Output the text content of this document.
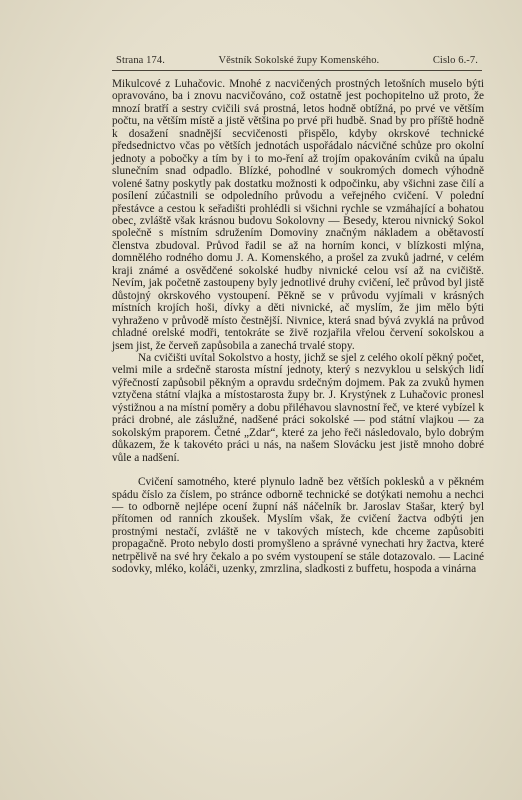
Strana 174.	Věstník Sokolské župy Komenského.	Cislo 6.-7.

Mikulcové z Luhačovic. Mnohé z nacvičených prostných letošních muselo býti opravováno, ba i znovu nacvičováno, což ostatně jest pochopitelno už proto, že mnozí bratří a sestry cvičili svá prostná, letos hodně obtížná, po prvé ve větším počtu, na větším místě a jistě většina po prvé při hudbě. Snad by pro příště hodně k dosažení snadnější secvičenosti přispělo, kdyby okrskové technické předsednictvo včas po větších jednotách uspořádalo nácvičné schůze pro okolní jednoty a pobočky a tím by i to mo-ření až trojím opakováním cviků na úpalu slunečním snad odpadlo. Blízké, pohodlné v soukromých domech výhodně volené šatny poskytly pak dostatku možnosti k odpočinku, aby všichni zase čilí a posílení zúčastnili se odpoledního průvodu a veřejného cvičení. V polední přestávce a cestou k seřadišti prohlédli si všichni rychle se vzmáhající a bohatou obec, zvláště však krásnou budovu Sokolovny — Besedy, kterou nivnický Sokol společně s místním sdružením Domoviny značným nákladem a obětavostí členstva zbudoval. Průvod řadil se až na horním konci, v blízkosti mlýna, domnělého rodného domu J. A. Komenského, a prošel za zvuků jadrné, v celém kraji známé a osvědčené sokolské hudby nivnické celou vsí až na cvičiště. Nevím, jak početně zastoupeny byly jednotlivé druhy cvičení, leč průvod byl jistě důstojný okrskového vystoupení. Pěkně se v průvodu vyjímali v krásných místních krojích hoši, dívky a děti nivnické, ač myslím, že jim mělo býti vyhraženo v průvodě místo čestnější. Nivnice, která snad bývá zvyklá na průvod chladné orelské modři, tentokráte se živě rozjařila vřelou červení sokolskou a jsem jist, že červeň zapůsobila a zanechá trvalé stopy.

Na cvičišti uvítal Sokolstvo a hosty, jichž se sjel z celého okolí pěkný počet, velmi mile a srdečně starosta místní jednoty, který s nezvyklou u selských lidí výřečností zapůsobil pěkným a opravdu srdečným dojmem. Pak za zvuků hymen vztyčena státní vlajka a místostarosta župy br. J. Krystýnek z Luhačovic pronesl výstižnou a na místní poměry a dobu přiléhavou slavnostní řeč, ve které vybízel k práci drobné, ale záslužné, nadšené práci sokolské — pod státní vlajkou — za sokolským praporem. Četné „Zdar“, které za jeho řeči následovalo, bylo dobrým důkazem, že k takovéto práci u nás, na našem Slovácku jest jistě mnoho dobré vůle a nadšení.

Cvičení samotného, které plynulo ladně bez větších poklesků a v pěkném spádu číslo za číslem, po stránce odborně technické se dotýkati nemohu a nechci — to odborně nejlépe ocení župní náš náčelník br. Jaroslav Stašar, který byl přítomen od ranních zkoušek. Myslím však, že cvičení žactva odbýti jen prostnými nestačí, zvláště ne v takových místech, kde chceme zapůsobiti propagačně. Proto nebylo dosti promyšleno a správné vynechati hry žactva, které netrpělivě na své hry čekalo a po svém vystoupení se stále dotazovalo. — Laciné sodovky, mléko, koláči, uzenky, zmrzlina, sladkosti z buffetu, hospoda a vinárna
